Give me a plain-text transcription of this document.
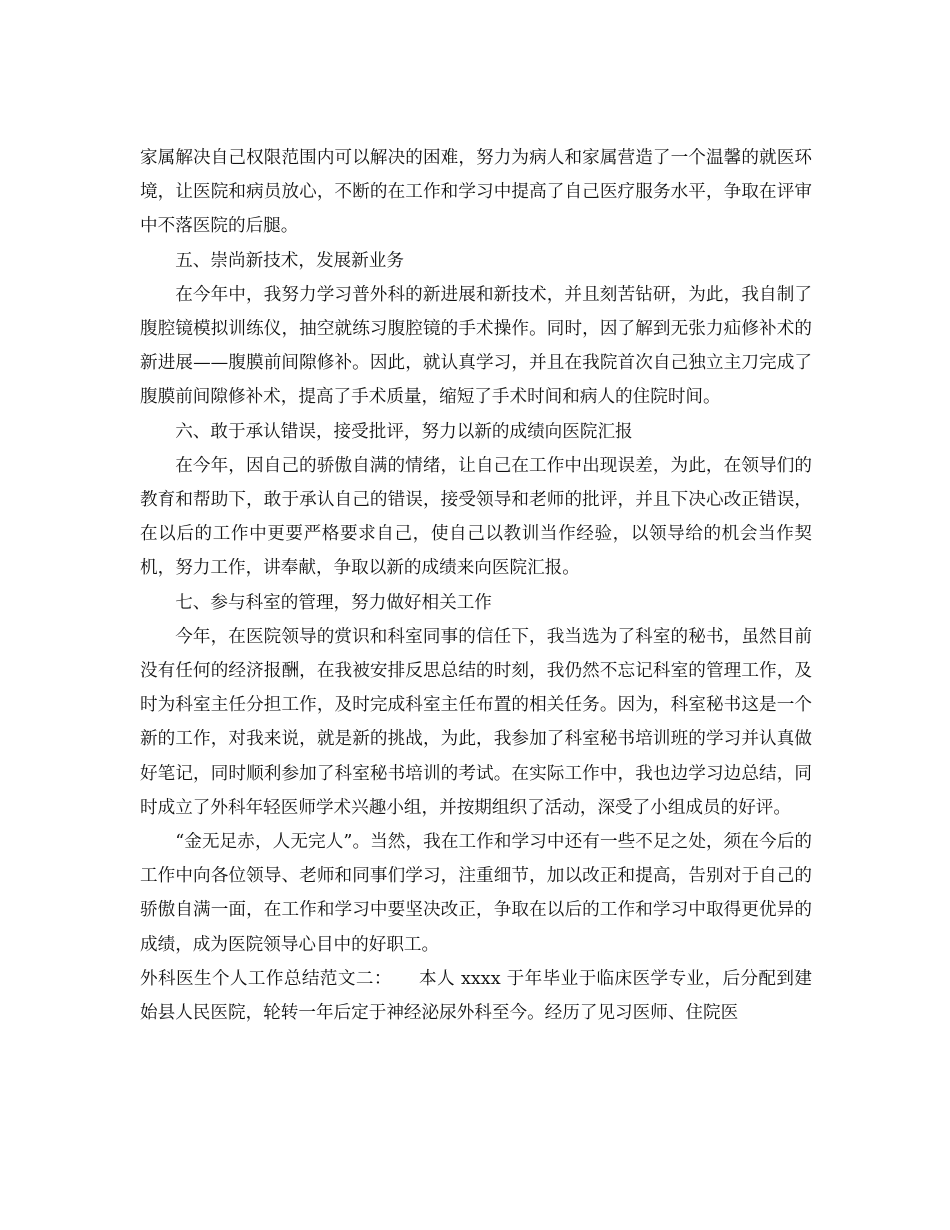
家属解决自己权限范围内可以解决的困难，努力为病人和家属营造了一个温馨的就医环境，让医院和病员放心，不断的在工作和学习中提高了自己医疗服务水平，争取在评审中不落医院的后腿。

五、崇尚新技术，发展新业务

在今年中，我努力学习普外科的新进展和新技术，并且刻苦钻研，为此，我自制了腹腔镜模拟训练仪，抽空就练习腹腔镜的手术操作。同时，因了解到无张力疝修补术的新进展——腹膜前间隙修补。因此，就认真学习，并且在我院首次自己独立主刀完成了腹膜前间隙修补术，提高了手术质量，缩短了手术时间和病人的住院时间。

六、敢于承认错误，接受批评，努力以新的成绩向医院汇报

在今年，因自己的骄傲自满的情绪，让自己在工作中出现误差，为此，在领导们的教育和帮助下，敢于承认自己的错误，接受领导和老师的批评，并且下决心改正错误，在以后的工作中更要严格要求自己，使自己以教训当作经验，以领导给的机会当作契机，努力工作，讲奉献，争取以新的成绩来向医院汇报。

七、参与科室的管理，努力做好相关工作

今年，在医院领导的赏识和科室同事的信任下，我当选为了科室的秘书，虽然目前没有任何的经济报酬，在我被安排反思总结的时刻，我仍然不忘记科室的管理工作，及时为科室主任分担工作，及时完成科室主任布置的相关任务。因为，科室秘书这是一个新的工作，对我来说，就是新的挑战，为此，我参加了科室秘书培训班的学习并认真做好笔记，同时顺利参加了科室秘书培训的考试。在实际工作中，我也边学习边总结，同时成立了外科年轻医师学术兴趣小组，并按期组织了活动，深受了小组成员的好评。

“金无足赤，人无完人”。当然，我在工作和学习中还有一些不足之处，须在今后的工作中向各位领导、老师和同事们学习，注重细节，加以改正和提高，告别对于自己的骄傲自满一面，在工作和学习中要坚决改正，争取在以后的工作和学习中取得更优异的成绩，成为医院领导心目中的好职工。

外科医生个人工作总结范文二：　　本人 xxxx 于年毕业于临床医学专业，后分配到建始县人民医院，轮转一年后定于神经泌尿外科至今。经历了见习医师、住院医
